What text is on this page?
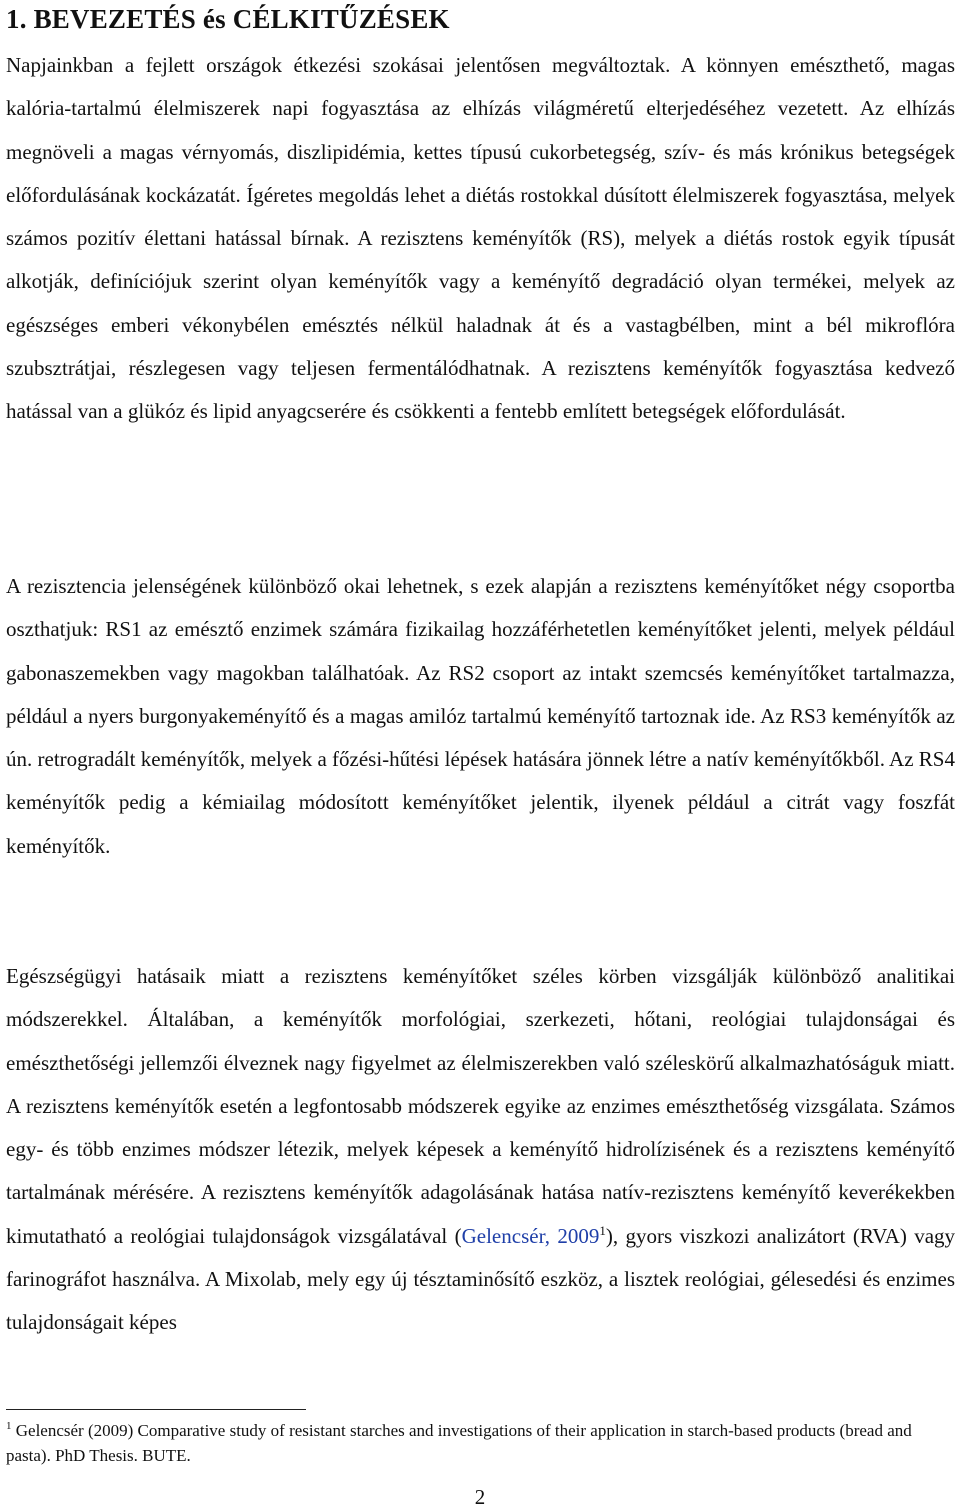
1. BEVEZETÉS és CÉLKITŰZÉSEK

Napjainkban a fejlett országok étkezési szokásai jelentősen megváltoztak. A könnyen emészthető, magas kalória-tartalmú élelmiszerek napi fogyasztása az elhízás világméretű elterjedéséhez vezetett. Az elhízás megnöveli a magas vérnyomás, diszlipidémia, kettes típusú cukorbetegség, szív- és más krónikus betegségek előfordulásának kockázatát. Ígéretes megoldás lehet a diétás rostokkal dúsított élelmiszerek fogyasztása, melyek számos pozitív élettani hatással bírnak. A rezisztens keményítők (RS), melyek a diétás rostok egyik típusát alkotják, definíciójuk szerint olyan keményítők vagy a keményítő degradáció olyan termékei, melyek az egészséges emberi vékonybélen emésztés nélkül haladnak át és a vastagbélben, mint a bél mikroflóra szubsztrátjai, részlegesen vagy teljesen fermentálódhatnak. A rezisztens keményítők fogyasztása kedvező hatással van a glükóz és lipid anyagcserére és csökkenti a fentebb említett betegségek előfordulását.

A rezisztencia jelenségének különböző okai lehetnek, s ezek alapján a rezisztens keményítőket négy csoportba oszthatjuk: RS1 az emésztő enzimek számára fizikailag hozzáférhetetlen keményítőket jelenti, melyek például gabonaszemekben vagy magokban találhatóak. Az RS2 csoport az intakt szemcsés keményítőket tartalmazza, például a nyers burgonyakeményítő és a magas amilóz tartalmú keményítő tartoznak ide. Az RS3 keményítők az ún. retrogradált keményítők, melyek a főzési-hűtési lépések hatására jönnek létre a natív keményítőkből. Az RS4 keményítők pedig a kémiailag módosított keményítőket jelentik, ilyenek például a citrát vagy foszfát keményítők.

Egészségügyi hatásaik miatt a rezisztens keményítőket széles körben vizsgálják különböző analitikai módszerekkel. Általában, a keményítők morfológiai, szerkezeti, hőtani, reológiai tulajdonságai és emészthetőségi jellemzői élveznek nagy figyelmet az élelmiszerekben való széleskörű alkalmazhatóságuk miatt. A rezisztens keményítők esetén a legfontosabb módszerek egyike az enzimes emészthetőség vizsgálata. Számos egy- és több enzimes módszer létezik, melyek képesek a keményítő hidrolízisének és a rezisztens keményítő tartalmának mérésére. A rezisztens keményítők adagolásának hatása natív-rezisztens keményítő keverékekben kimutatható a reológiai tulajdonságok vizsgálatával (Gelencsér, 2009$^1$), gyors viszkozi analizátort (RVA) vagy farinográfot használva. A Mixolab, mely egy új tésztaminősítő eszköz, a lisztek reológiai, gélesedési és enzimes tulajdonságait képes

$^1$ Gelencsér (2009) Comparative study of resistant starches and investigations of their application in starch-based products (bread and pasta). PhD Thesis. BUTE.

2
